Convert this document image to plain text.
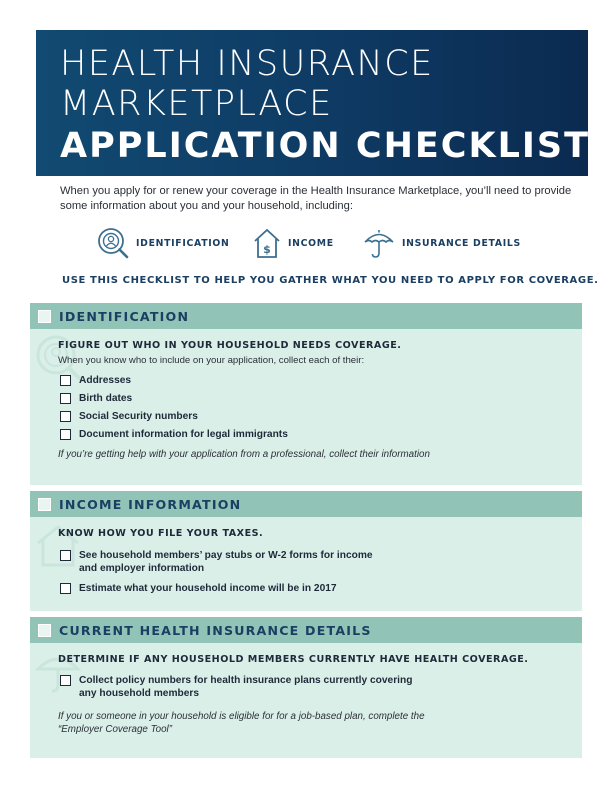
HEALTH INSURANCE
MARKETPLACE
APPLICATION CHECKLIST

When you apply for or renew your coverage in the Health Insurance Marketplace, you’ll need to provide some information about you and your household, including:

IDENTIFICATION	$ INCOME	INSURANCE DETAILS
USE THIS CHECKLIST TO HELP YOU GATHER WHAT YOU NEED TO APPLY FOR COVERAGE.
IDENTIFICATION
FIGURE OUT WHO IN YOUR HOUSEHOLD NEEDS COVERAGE.
When you know who to include on your application, collect each of their:
Addresses
Birth dates
Social Security numbers
Document information for legal immigrants
If you’re getting help with your application from a professional, collect their information
INCOME INFORMATION
KNOW HOW YOU FILE YOUR TAXES.
See household members’ pay stubs or W-2 forms for income
and employer information
Estimate what your household income will be in 2017
CURRENT HEALTH INSURANCE DETAILS
DETERMINE IF ANY HOUSEHOLD MEMBERS CURRENTLY HAVE HEALTH COVERAGE.
Collect policy numbers for health insurance plans currently covering
any household members
If you or someone in your household is eligible for for a job-based plan, complete the
“Employer Coverage Tool”
